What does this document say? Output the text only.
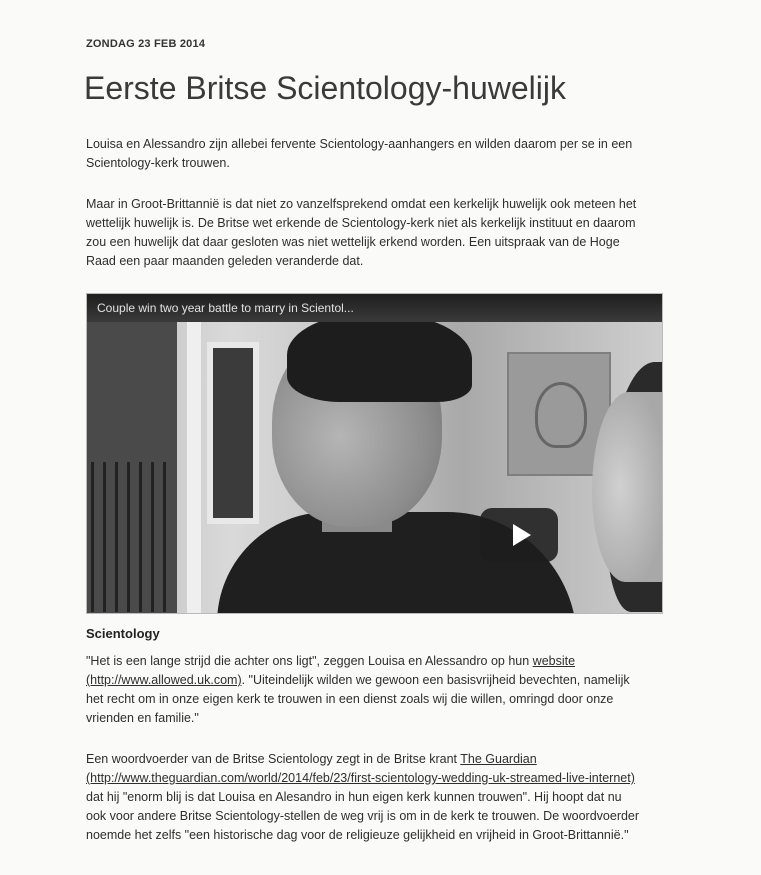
ZONDAG 23 FEB 2014
Eerste Britse Scientology-huwelijk

Louisa en Alessandro zijn allebei fervente Scientology-aanhangers en wilden daarom per se in een
Scientology-kerk trouwen.

Maar in Groot-Brittannië is dat niet zo vanzelfsprekend omdat een kerkelijk huwelijk ook meteen het
wettelijk huwelijk is. De Britse wet erkende de Scientology-kerk niet als kerkelijk instituut en daarom
zou een huwelijk dat daar gesloten was niet wettelijk erkend worden. Een uitspraak van de Hoge
Raad een paar maanden geleden veranderde dat.

Couple win two year battle to marry in Scientol...
Scientology

"Het is een lange strijd die achter ons ligt", zeggen Louisa en Alessandro op hun website
(http://www.allowed.uk.com). "Uiteindelijk wilden we gewoon een basisvrijheid bevechten, namelijk
het recht om in onze eigen kerk te trouwen in een dienst zoals wij die willen, omringd door onze
vrienden en familie."

Een woordvoerder van de Britse Scientology zegt in de Britse krant The Guardian
(http://www.theguardian.com/world/2014/feb/23/first-scientology-wedding-uk-streamed-live-internet)
dat hij "enorm blij is dat Louisa en Alesandro in hun eigen kerk kunnen trouwen". Hij hoopt dat nu
ook voor andere Britse Scientology-stellen de weg vrij is om in de kerk te trouwen. De woordvoerder
noemde het zelfs "een historische dag voor de religieuze gelijkheid en vrijheid in Groot-Brittannië."
